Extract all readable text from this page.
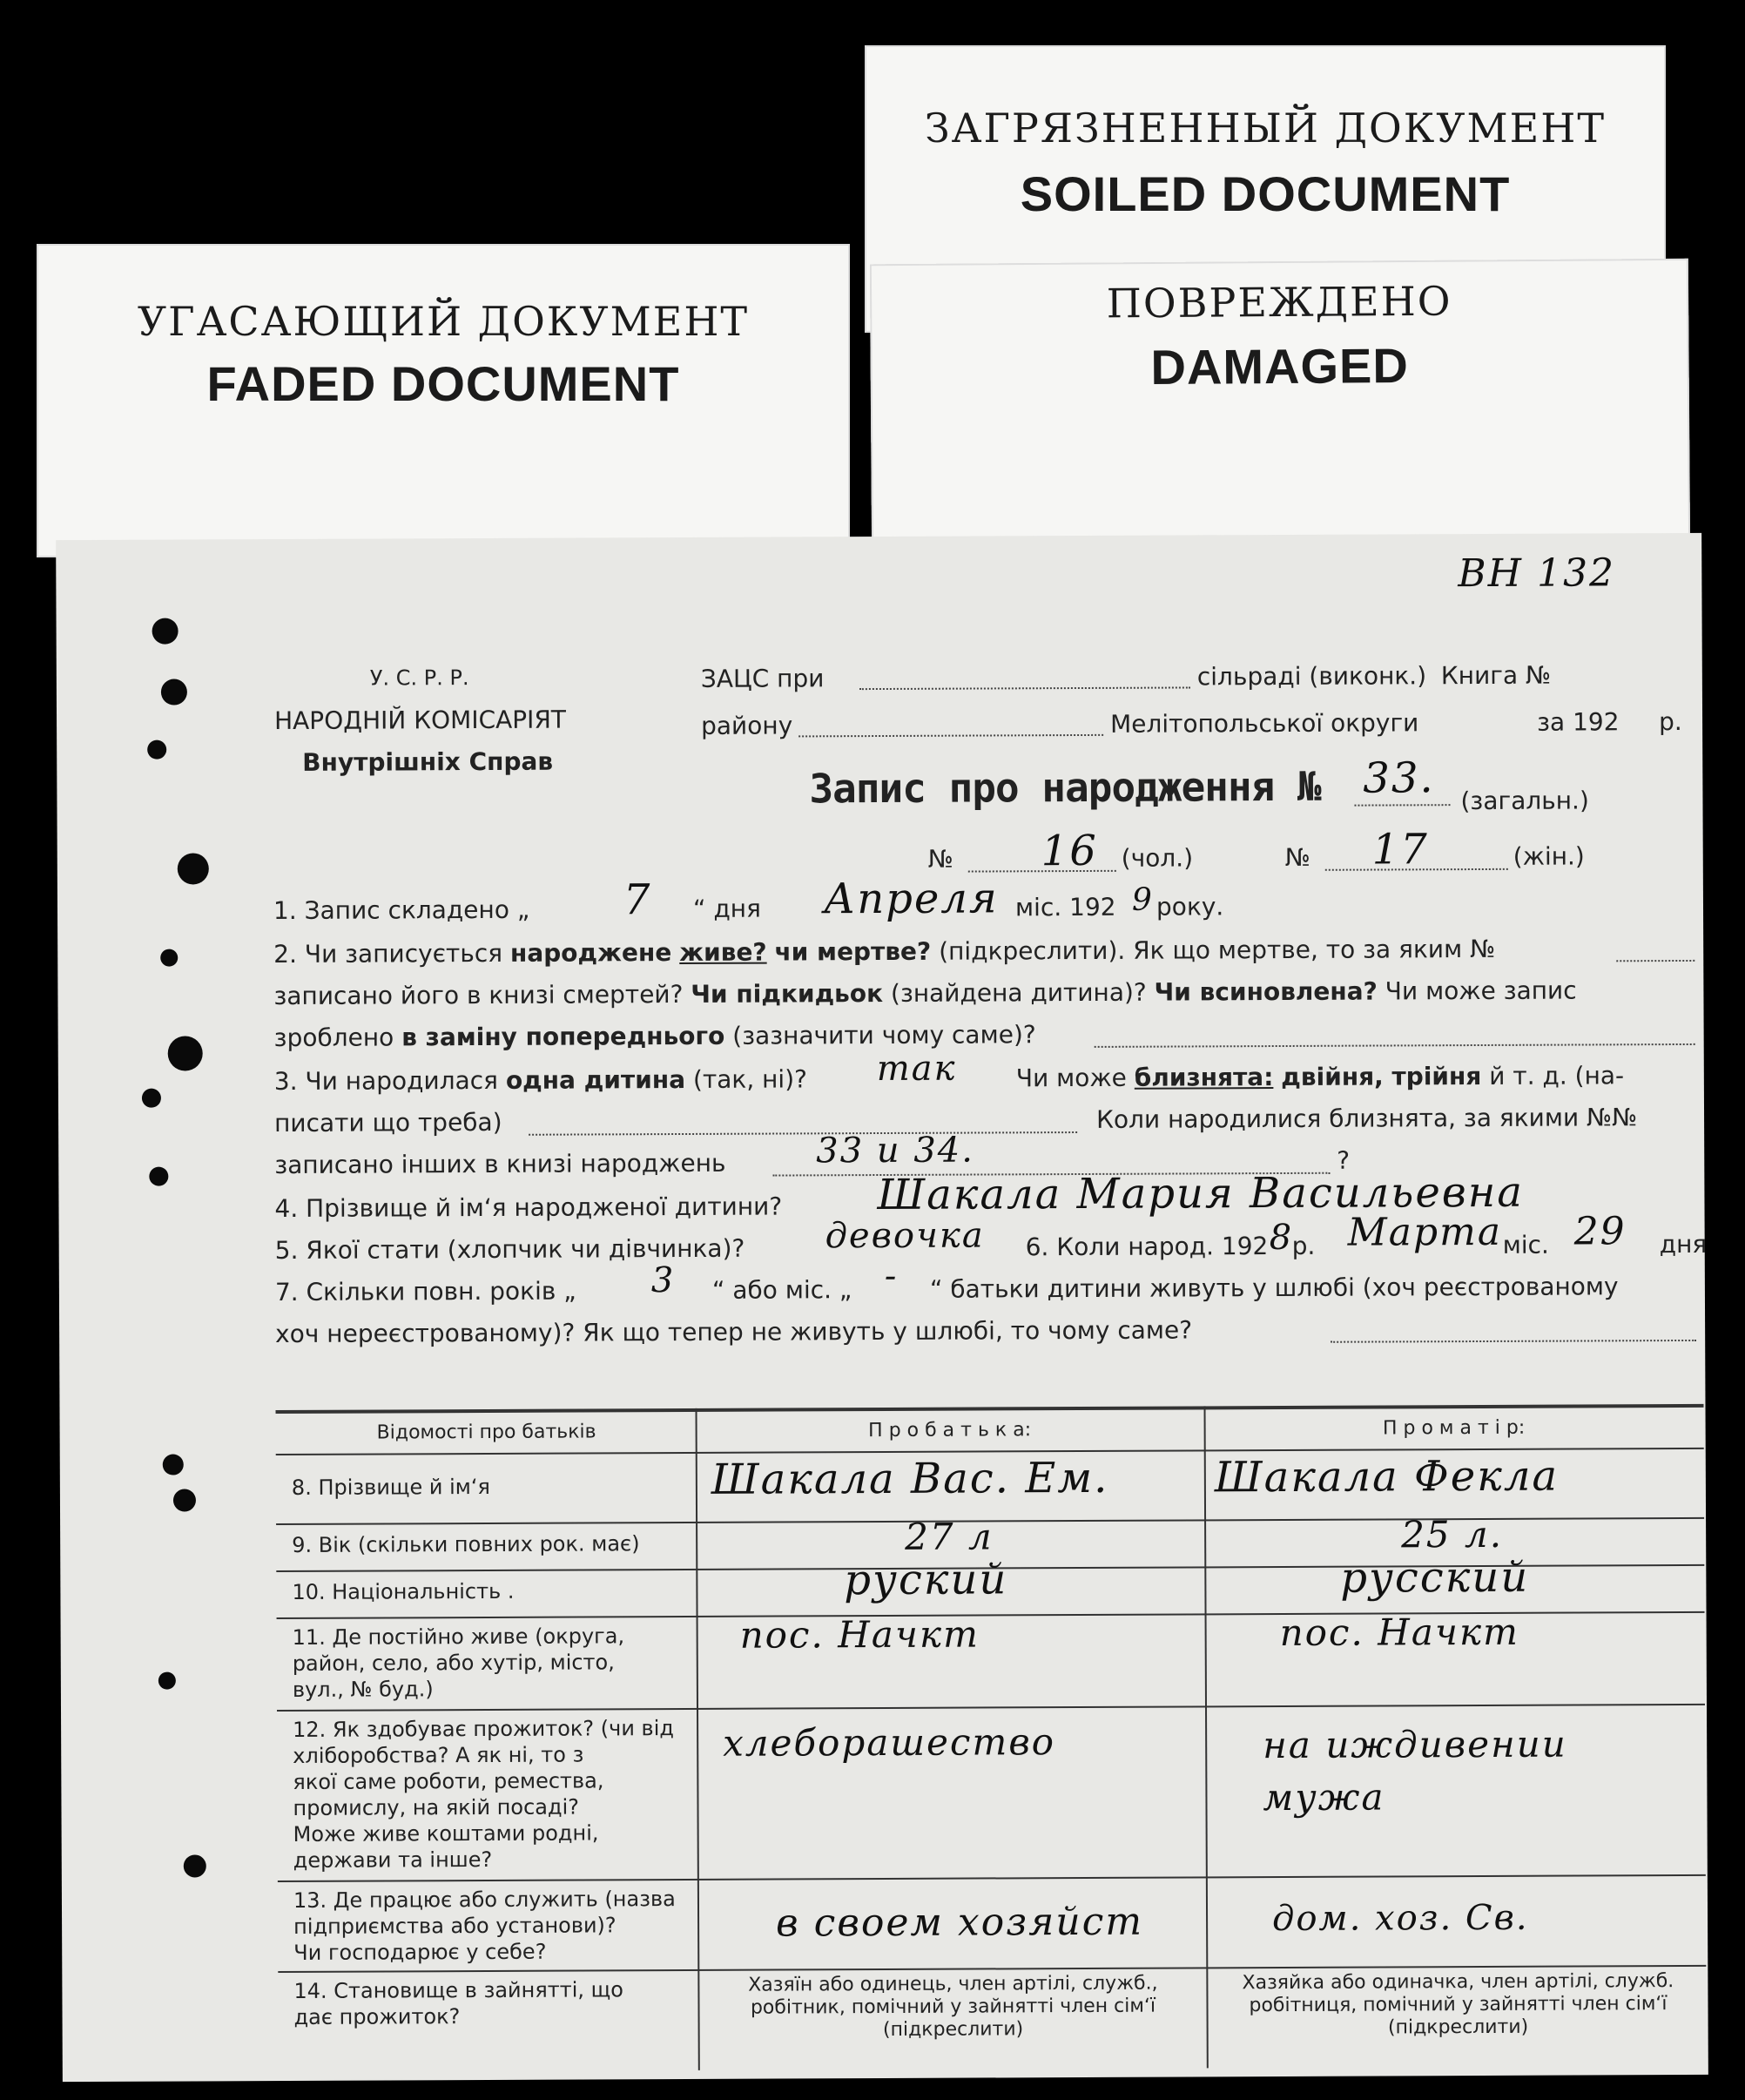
ЗАГРЯЗНЕННЫЙ ДОКУМЕНТ
SOILED DOCUMENT
УГАСАЮЩИЙ ДОКУМЕНТ
FADED DOCUMENT
ПОВРЕЖДЕНО
DAMAGED
BH 132
У. С. Р. Р.
НАРОДНІЙ КОМІСАРІЯТ
Внутрішніх Справ
ЗАЦС при	сільраді (виконк.) Книга №
району	Мелітопольської округи	за 192 р.
Запис про народження № 33. (загальн.)
№ 16 (чол.)	№ 17	(жін.)
1. Запис складено „ 7 “ дня Апреля міс. 192 9 року.
2. Чи записується народжене живе? чи мертве? (підкреслити). Як що мертве, то за яким №
записано його в книзі смертей? Чи підкидьок (знайдена дитина)? Чи всиновлена? Чи може запис
зроблено в заміну попереднього (зазначити чому саме)?
3. Чи народилася одна дитина (так, ні)? так Чи може близнята: двійня, трійня й т. д. (на-
писати що треба)	Коли народилися близнята, за якими №№
записано інших в книзі народжень	33 и 34.	?
4. Прізвище й ім‘я народженої дитини? Шакала Мария Васильевна
5. Якої стати (хлопчик чи дівчинка)? девочка 6. Коли народ. 192 8
р. Марта міс. 29 дня
7. Скільки повн. років „ 3 “ або міс. „ - “ батьки дитини живуть у шлюбі (хоч реєстрованому
хоч нереєстрованому)? Як що тепер не живуть у шлюбі, то чому саме?
Відомості про батьків	П р о б а т ь к а:	П р о м а т і р:
8. Прізвище й ім‘я	Шакала Вас. Ем.	Шакала Фекла
9. Вік (скільки повних рок. має)	27 л	25 л.
10. Національність .	руский	русский
11. Де постійно живе (округа,
район, село, або хутір, місто,
вул., № буд.)
пос. Начкт	пос. Начкт
12. Як здобуває прожиток? (чи від
хліборобства? А як ні, то з
якої саме роботи, ремества,
промислу, на якій посаді?
Може живе коштами родні,
держави та інше?
хлеборашество	на иждивении
мужа
13. Де працює або служить (назва
підприємства або установи)?
Чи господарює у себе?
в своем хозяйст	дом. хоз. Св.
14. Становище в зайнятті, що
дає прожиток?
Хазяїн або одинець, член артілі, служб.,
робітник, помічний у зайнятті член сім‘ї
(підкреслити)
Хазяйка або одиначка, член артілі, служб.
робітниця, помічний у зайнятті член сім‘ї
(підкреслити)
